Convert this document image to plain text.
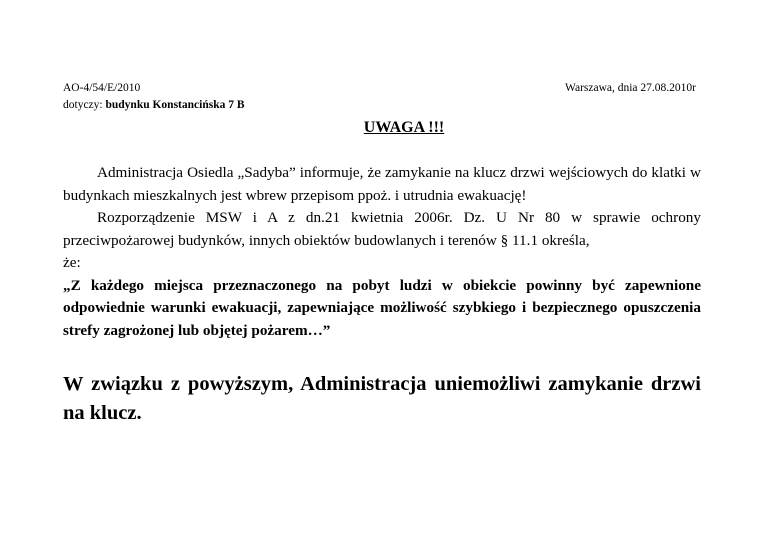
AO-4/54/E/2010
dotyczy: budynku Konstancińska 7 B
Warszawa, dnia 27.08.2010r
UWAGA !!!

Administracja Osiedla „Sadyba” informuje, że zamykanie na klucz drzwi wejściowych do klatki w budynkach mieszkalnych jest wbrew przepisom ppoż. i utrudnia ewakuację!

Rozporządzenie MSW i A z dn.21 kwietnia 2006r. Dz. U Nr 80 w sprawie ochrony przeciwpożarowej budynków, innych obiektów budowlanych i terenów § 11.1 określa,

że:

„Z każdego miejsca przeznaczonego na pobyt ludzi w obiekcie powinny być zapewnione odpowiednie warunki ewakuacji, zapewniające możliwość szybkiego i bezpiecznego opuszczenia strefy zagrożonej lub objętej pożarem…”

W związku z powyższym, Administracja uniemożliwi zamykanie drzwi na klucz.
